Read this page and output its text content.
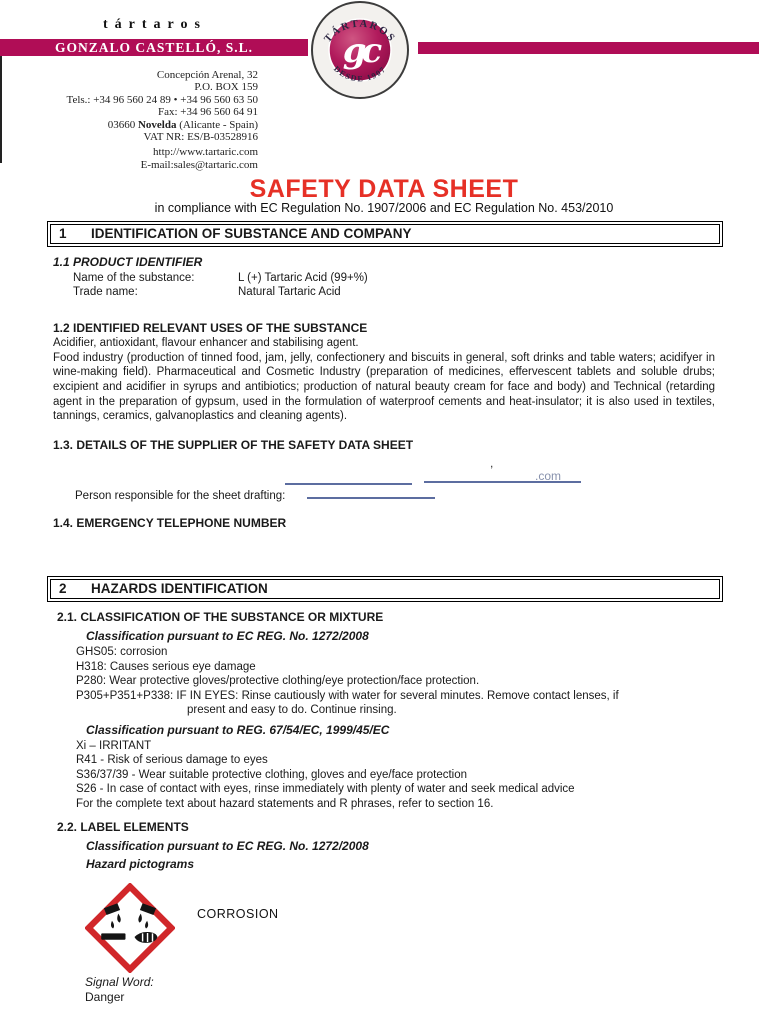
tártaros
GONZALO CASTELLÓ, S.L.
TÁRTAROS
DESDE 1907
gc
Concepción Arenal, 32
P.O. BOX 159
Tels.: +34 96 560 24 89 • +34 96 560 63 50
Fax: +34 96 560 64 91
03660 Novelda (Alicante - Spain)
VAT NR: ES/B-03528916
http://www.tartaric.com
E-mail:sales@tartaric.com
SAFETY DATA SHEET
in compliance with EC Regulation No. 1907/2006 and EC Regulation No. 453/2010
1 IDENTIFICATION OF SUBSTANCE AND COMPANY
1.1 PRODUCT IDENTIFIER
Name of the substance:	L (+) Tartaric Acid (99+%)
Trade name:	Natural Tartaric Acid
1.2 IDENTIFIED RELEVANT USES OF THE SUBSTANCE
Acidifier, antioxidant, flavour enhancer and stabilising agent.
Food industry (production of tinned food, jam, jelly, confectionery and biscuits in general, soft drinks and table waters; acidifyer in wine-making field). Pharmaceutical and Cosmetic Industry (preparation of medicines, effervescent tablets and soluble drubs; excipient and acidifier in syrups and antibiotics; production of natural beauty cream for face and body) and Technical (retarding agent in the preparation of gypsum, used in the formulation of waterproof cements and heat-insulator; it is also used in textiles, tannings, ceramics, galvanoplastics and cleaning agents).
1.3. DETAILS OF THE SUPPLIER OF THE SAFETY DATA SHEET
,
.com
Person responsible for the sheet drafting:
1.4. EMERGENCY TELEPHONE NUMBER
2 HAZARDS IDENTIFICATION
2.1. CLASSIFICATION OF THE SUBSTANCE OR MIXTURE
Classification pursuant to EC REG. No. 1272/2008
GHS05: corrosion
H318: Causes serious eye damage
P280: Wear protective gloves/protective clothing/eye protection/face protection.
P305+P351+P338: IF IN EYES: Rinse cautiously with water for several minutes. Remove contact lenses, if
present and easy to do. Continue rinsing.
Classification pursuant to REG. 67/54/EC, 1999/45/EC
Xi – IRRITANT
R41 - Risk of serious damage to eyes
S36/37/39 - Wear suitable protective clothing, gloves and eye/face protection
S26 - In case of contact with eyes, rinse immediately with plenty of water and seek medical advice
For the complete text about hazard statements and R phrases, refer to section 16.
2.2. LABEL ELEMENTS
Classification pursuant to EC REG. No. 1272/2008
Hazard pictograms
CORROSION
Signal Word:
Danger
